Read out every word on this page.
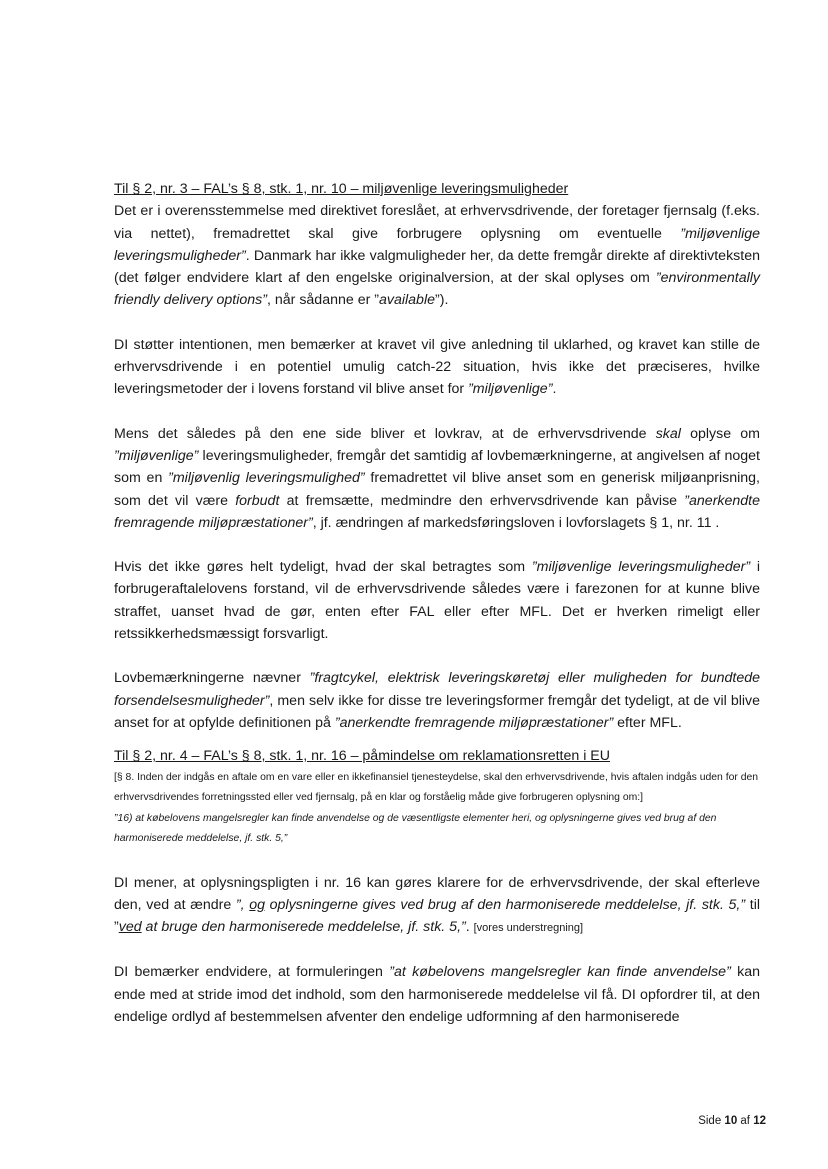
Til § 2, nr. 3 – FAL’s § 8, stk. 1, nr. 10 – miljøvenlige leveringsmuligheder

Det er i overensstemmelse med direktivet foreslået, at erhvervsdrivende, der foretager fjernsalg (f.eks. via nettet), fremadrettet skal give forbrugere oplysning om eventuelle ”miljøvenlige leveringsmuligheder”. Danmark har ikke valgmuligheder her, da dette fremgår direkte af direktivteksten (det følger endvidere klart af den engelske originalversion, at der skal oplyses om ”environmentally friendly delivery options”, når sådanne er ”available”).

DI støtter intentionen, men bemærker at kravet vil give anledning til uklarhed, og kravet kan stille de erhvervsdrivende i en potentiel umulig catch-22 situation, hvis ikke det præciseres, hvilke leveringsmetoder der i lovens forstand vil blive anset for ”miljøvenlige”.

Mens det således på den ene side bliver et lovkrav, at de erhvervsdrivende skal oplyse om ”miljøvenlige” leveringsmuligheder, fremgår det samtidig af lovbemærkningerne, at angivelsen af noget som en ”miljøvenlig leveringsmulighed” fremadrettet vil blive anset som en generisk miljøanprisning, som det vil være forbudt at fremsætte, medmindre den erhvervsdrivende kan påvise ”anerkendte fremragende miljøpræstationer”, jf. ændringen af markedsføringsloven i lovforslagets § 1, nr. 11 .

Hvis det ikke gøres helt tydeligt, hvad der skal betragtes som ”miljøvenlige leveringsmuligheder” i forbrugeraftalelovens forstand, vil de erhvervsdrivende således være i farezonen for at kunne blive straffet, uanset hvad de gør, enten efter FAL eller efter MFL. Det er hverken rimeligt eller retssikkerhedsmæssigt forsvarligt.

Lovbemærkningerne nævner ”fragtcykel, elektrisk leveringskøretøj eller muligheden for bundtede forsendelsesmuligheder”, men selv ikke for disse tre leveringsformer fremgår det tydeligt, at de vil blive anset for at opfylde definitionen på ”anerkendte fremragende miljøpræstationer” efter MFL.

Til § 2, nr. 4 – FAL’s § 8, stk. 1, nr. 16 – påmindelse om reklamationsretten i EU

[§ 8. Inden der indgås en aftale om en vare eller en ikkefinansiel tjenesteydelse, skal den erhvervsdrivende, hvis aftalen indgås uden for den erhvervsdrivendes forretningssted eller ved fjernsalg, på en klar og forståelig måde give forbrugeren oplysning om:]

”16) at købelovens mangelsregler kan finde anvendelse og de væsentligste elementer heri, og oplysningerne gives ved brug af den harmoniserede meddelelse, jf. stk. 5,”

DI mener, at oplysningspligten i nr. 16 kan gøres klarere for de erhvervsdrivende, der skal efterleve den, ved at ændre ”, og oplysningerne gives ved brug af den harmoniserede meddelelse, jf. stk. 5,” til ”ved at bruge den harmoniserede meddelelse, jf. stk. 5,”. [vores understregning]

DI bemærker endvidere, at formuleringen ”at købelovens mangelsregler kan finde anvendelse” kan ende med at stride imod det indhold, som den harmoniserede meddelelse vil få. DI opfordrer til, at den endelige ordlyd af bestemmelsen afventer den endelige udformning af den harmoniserede

Side 10 af 12
